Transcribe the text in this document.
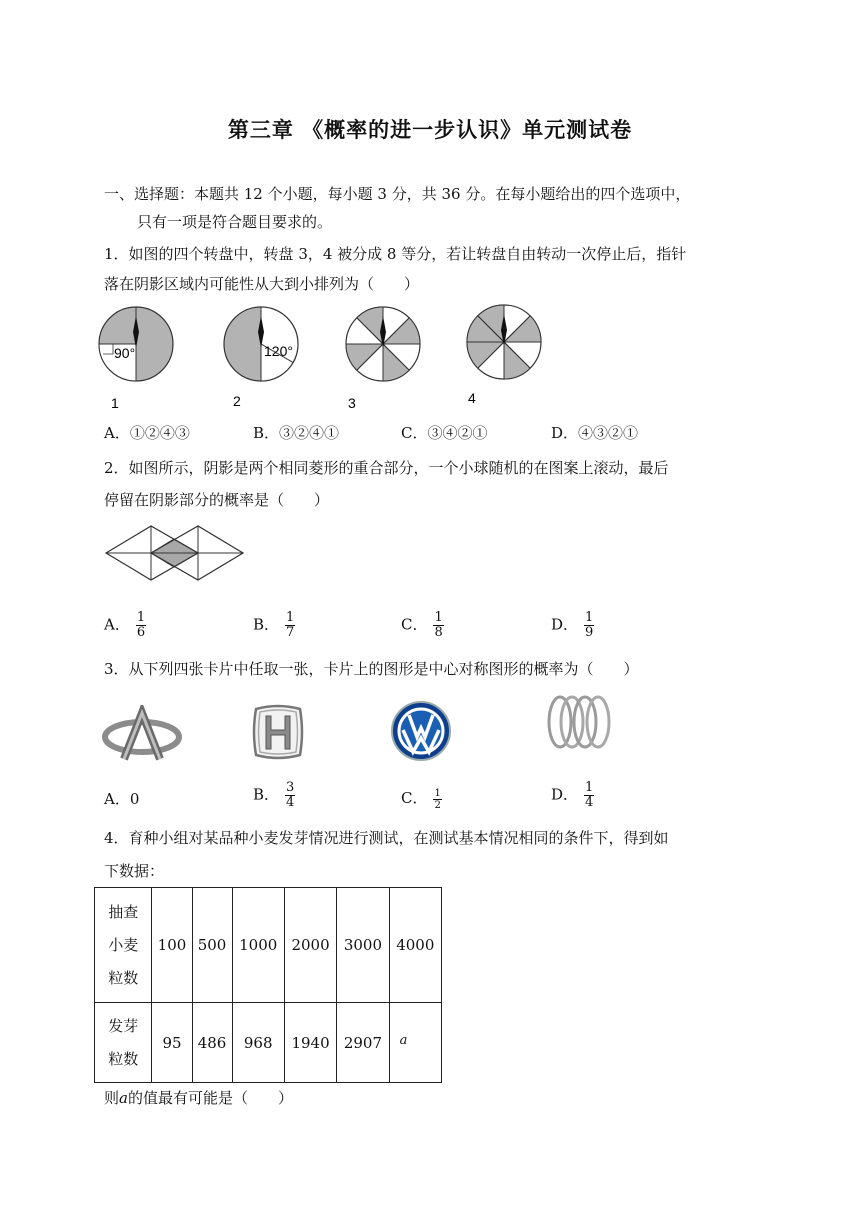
第三章 《概率的进一步认识》单元测试卷
一、选择题：本题共 12 个小题，每小题 3 分，共 36 分。在每小题给出的四个选项中，
只有一项是符合题目要求的。
1．如图的四个转盘中，转盘 3，4 被分成 8 等分，若让转盘自由转动一次停止后，指针
落在阴影区域内可能性从大到小排列为（　　）
90°
1
120°
2	3	4
A．①②④③	B．③②④①	C．③④②①	D．④③②①
2．如图所示，阴影是两个相同菱形的重合部分，一个小球随机的在图案上滚动，最后
停留在阴影部分的概率是（　　）
A． $\frac{1}{6}$	B． $\frac{1}{7}$	C． $\frac{1}{8}$	D． $\frac{1}{9}$
3．从下列四张卡片中任取一张，卡片上的图形是中心对称图形的概率为（　　）
A．0	B． $\frac{3}{4}$	C． $\frac{1}{2}$	D． $\frac{1}{4}$
4．育种小组对某品种小麦发芽情况进行测试，在测试基本情况相同的条件下，得到如
下数据：
抽查
小麦
粒数	100	500	1000	2000	3000	4000
发芽
粒数	95	486	968	1940	2907	a
则a的值最有可能是（　　）
